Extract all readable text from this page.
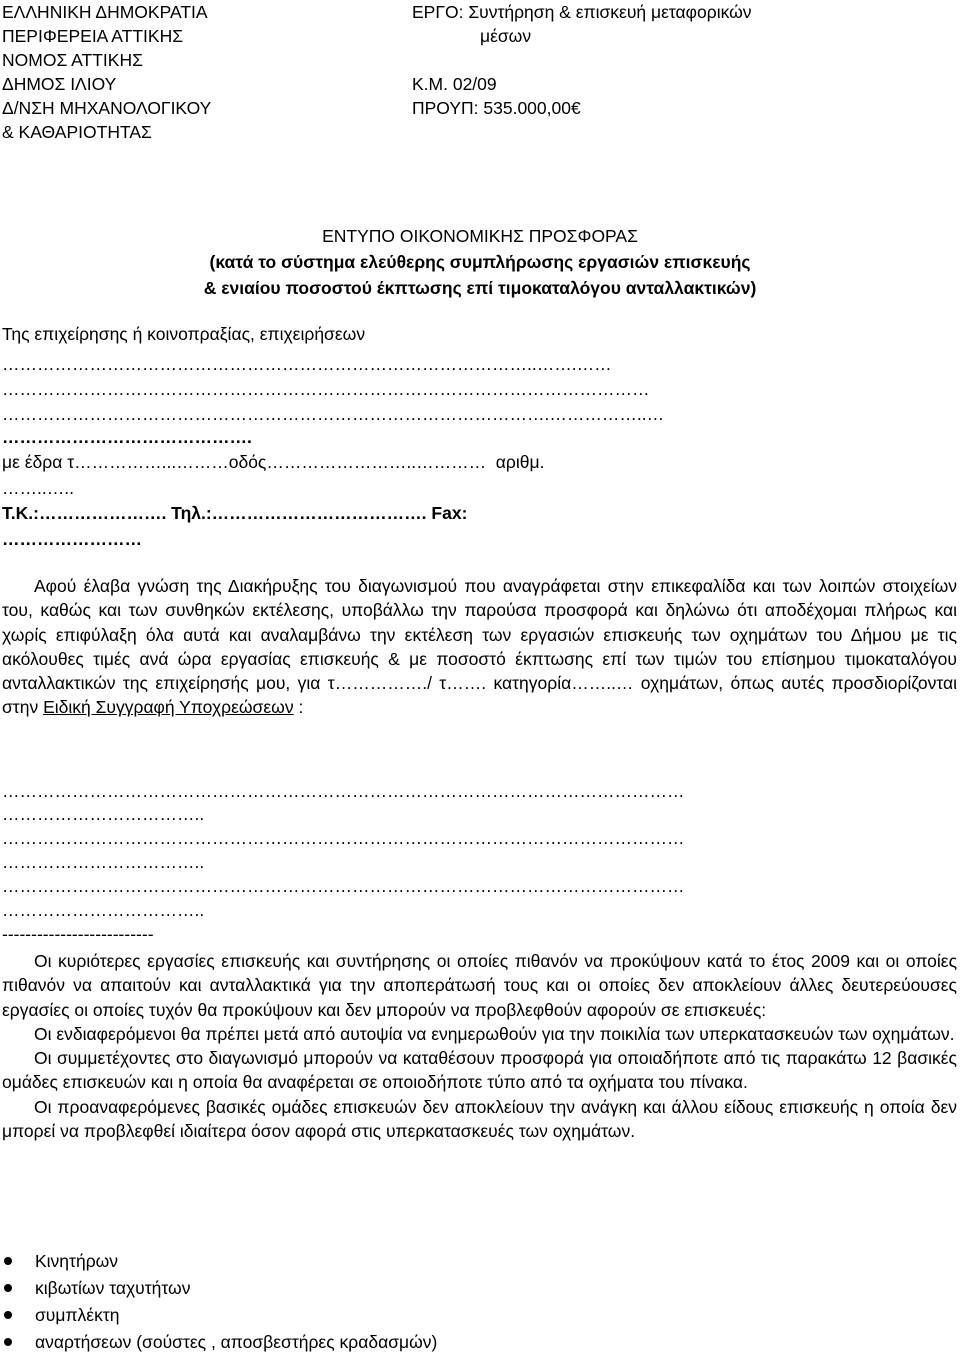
ΕΛΛΗΝΙΚΗ ΔΗΜΟΚΡΑΤΙΑ
ΠΕΡΙΦΕΡΕΙΑ ΑΤΤΙΚΗΣ
ΝΟΜΟΣ ΑΤΤΙΚΗΣ
ΔΗΜΟΣ ΙΛΙΟΥ
Δ/ΝΣΗ ΜΗΧΑΝΟΛΟΓΙΚΟΥ
& ΚΑΘΑΡΙΟΤΗΤΑΣ
ΕΡΓΟ: Συντήρηση & επισκευή μεταφορικών
μέσων
Κ.Μ. 02/09
ΠΡΟΥΠ: 535.000,00€
ΕΝΤΥΠΟ ΟΙΚΟΝΟΜΙΚΗΣ ΠΡΟΣΦΟΡΑΣ
(κατά το σύστημα ελεύθερης συμπλήρωσης εργασιών επισκευής
& ενιαίου ποσοστού έκπτωσης επί τιμοκαταλόγου ανταλλακτικών)
Της επιχείρησης ή κοινοπραξίας, επιχειρήσεων
………………………………………………………………………………..…….……
…………………………………………………………………………………………………
………………………………………………………………………………….……………..…
…………………………………….
με έδρα τ……………...………οδός……………………..…………  αριθμ.
……..…..
Τ.Κ.:…………………. Τηλ.:………………………………. Fax:
……………………

Αφού έλαβα γνώση της Διακήρυξης του διαγωνισμού που αναγράφεται στην επικεφαλίδα και των λοιπών στοιχείων του, καθώς και των συνθηκών εκτέλεσης, υποβάλλω την παρούσα προσφορά και δηλώνω ότι αποδέχομαι πλήρως και χωρίς επιφύλαξη όλα αυτά και αναλαμβάνω την εκτέλεση των εργασιών επισκευής των οχημάτων του Δήμου με τις ακόλουθες τιμές ανά ώρα εργασίας επισκευής & με ποσοστό έκπτωσης επί των τιμών του επίσημου τιμοκαταλόγου ανταλλακτικών της επιχείρησής μου, για τ……………./ τ……. κατηγορία……..… οχημάτων, όπως αυτές προσδιορίζονται στην Ειδική Συγγραφή Υποχρεώσεων :

………………………………………………………………………………………………………
……………………………..
………………………………………………………………………………………………………
……………………………..
………………………………………………………………………………………………………
……………………………..
--------------------------

Οι κυριότερες εργασίες επισκευής και συντήρησης οι οποίες πιθανόν να προκύψουν κατά το έτος 2009 και οι οποίες πιθανόν να απαιτούν και ανταλλακτικά για την αποπεράτωσή τους και οι οποίες δεν αποκλείουν άλλες δευτερεύουσες εργασίες οι οποίες τυχόν θα προκύψουν και δεν μπορούν να προβλεφθούν αφορούν σε επισκευές:

Οι ενδιαφερόμενοι θα πρέπει μετά από αυτοψία να ενημερωθούν για την ποικιλία των υπερκατασκευών των οχημάτων.

Οι συμμετέχοντες στο διαγωνισμό μπορούν να καταθέσουν προσφορά για οποιαδήποτε από τις παρακάτω 12 βασικές ομάδες επισκευών και η οποία θα αναφέρεται σε οποιοδήποτε τύπο από τα οχήματα του πίνακα.

Οι προαναφερόμενες βασικές ομάδες επισκευών δεν αποκλείουν την ανάγκη και άλλου είδους επισκευής η οποία δεν μπορεί να προβλεφθεί ιδιαίτερα όσον αφορά στις υπερκατασκευές των οχημάτων.

Κινητήρων
κιβωτίων ταχυτήτων
συμπλέκτη
αναρτήσεων (σούστες , αποσβεστήρες κραδασμών)
